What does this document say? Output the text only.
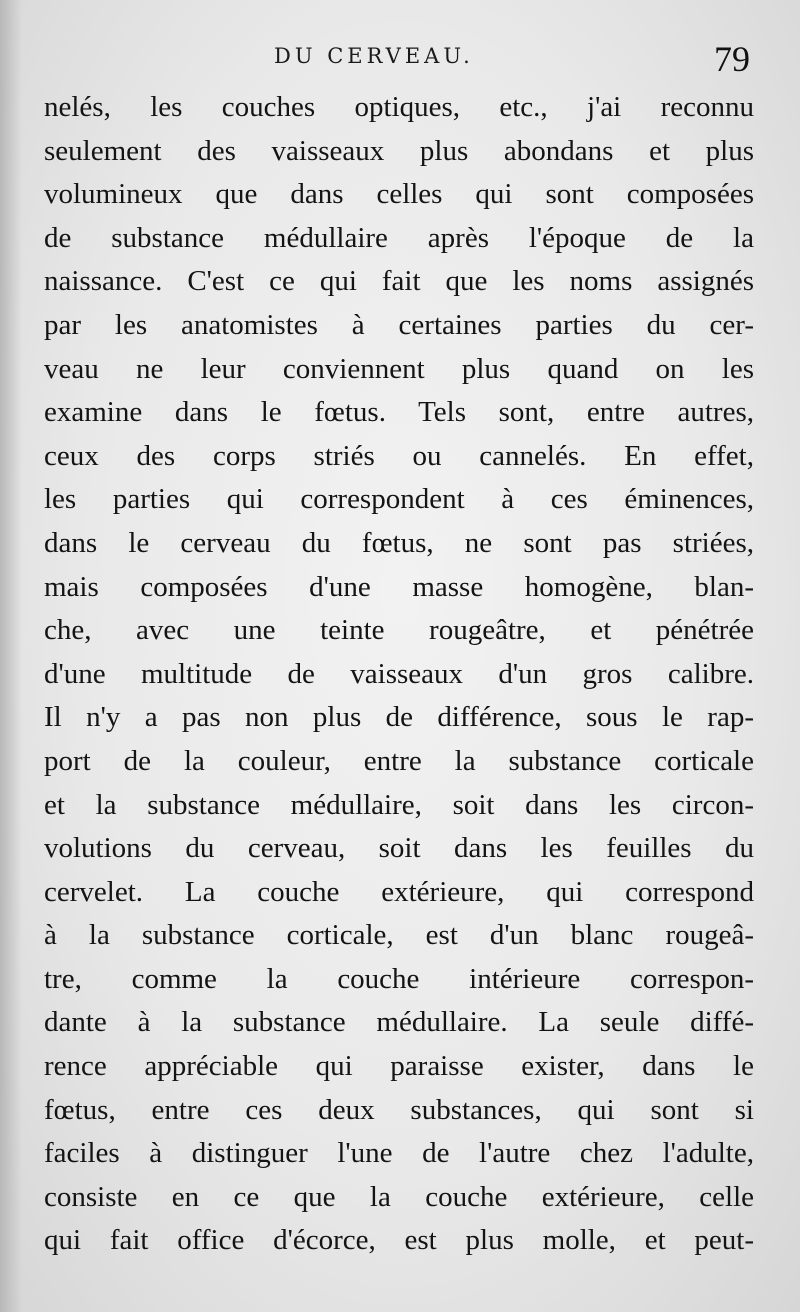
DU CERVEAU.	79
nelés, les couches optiques, etc., j'ai reconnu
seulement des vaisseaux plus abondans et plus
volumineux que dans celles qui sont composées
de substance médullaire après l'époque de la
naissance. C'est ce qui fait que les noms assignés
par les anatomistes à certaines parties du cer-
veau ne leur conviennent plus quand on les
examine dans le fœtus. Tels sont, entre autres,
ceux des corps striés ou cannelés. En effet,
les parties qui correspondent à ces éminences,
dans le cerveau du fœtus, ne sont pas striées,
mais composées d'une masse homogène, blan-
che, avec une teinte rougeâtre, et pénétrée
d'une multitude de vaisseaux d'un gros calibre.
Il n'y a pas non plus de différence, sous le rap-
port de la couleur, entre la substance corticale
et la substance médullaire, soit dans les circon-
volutions du cerveau, soit dans les feuilles du
cervelet. La couche extérieure, qui correspond
à la substance corticale, est d'un blanc rougeâ-
tre, comme la couche intérieure correspon-
dante à la substance médullaire. La seule diffé-
rence appréciable qui paraisse exister, dans le
fœtus, entre ces deux substances, qui sont si
faciles à distinguer l'une de l'autre chez l'adulte,
consiste en ce que la couche extérieure, celle
qui fait office d'écorce, est plus molle, et peut-
